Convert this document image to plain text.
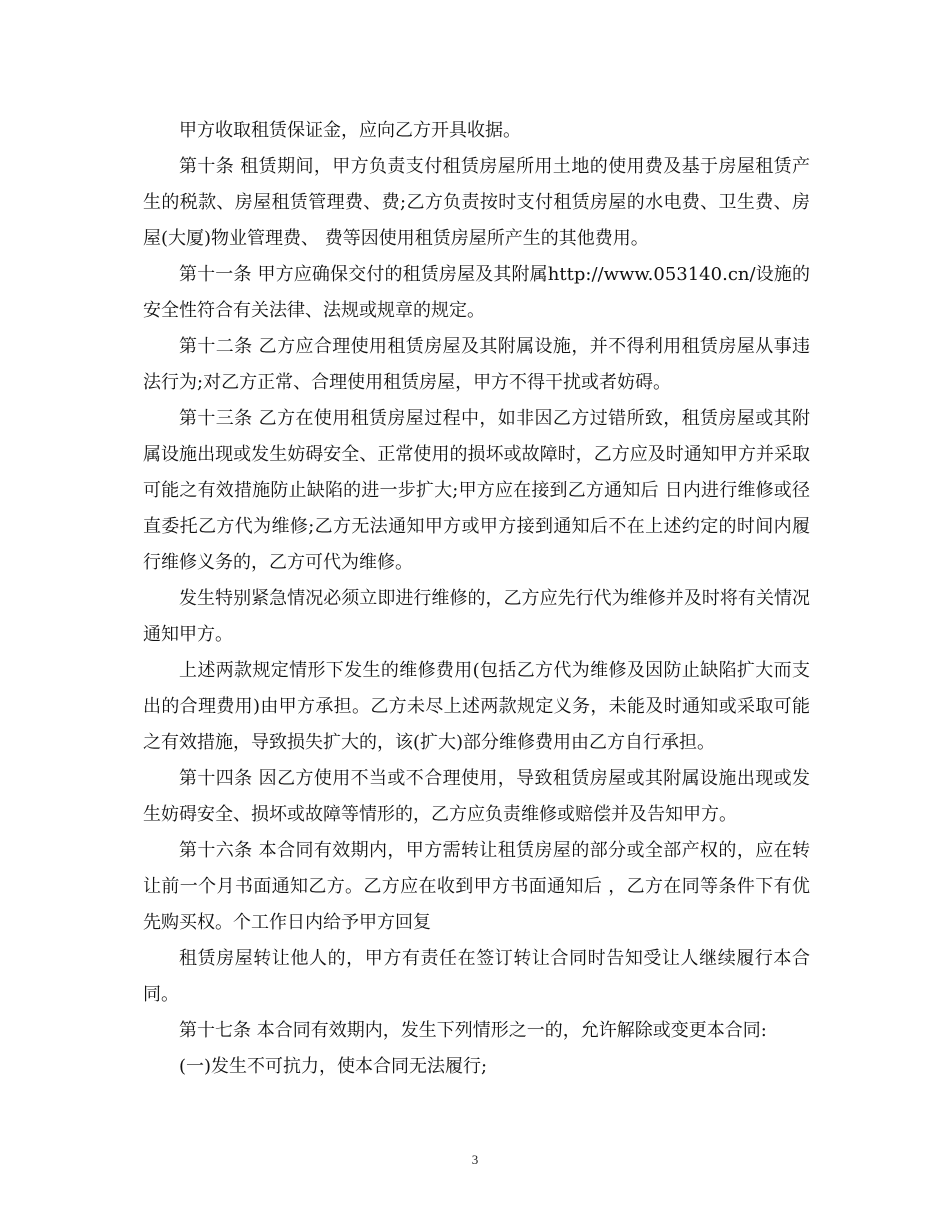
甲方收取租赁保证金，应向乙方开具收据。

第十条 租赁期间，甲方负责支付租赁房屋所用土地的使用费及基于房屋租赁产生的税款、房屋租赁管理费、费;乙方负责按时支付租赁房屋的水电费、卫生费、房屋(大厦)物业管理费、 费等因使用租赁房屋所产生的其他费用。

第十一条 甲方应确保交付的租赁房屋及其附属http://www.053140.cn/设施的安全性符合有关法律、法规或规章的规定。

第十二条 乙方应合理使用租赁房屋及其附属设施，并不得利用租赁房屋从事违法行为;对乙方正常、合理使用租赁房屋，甲方不得干扰或者妨碍。

第十三条 乙方在使用租赁房屋过程中，如非因乙方过错所致，租赁房屋或其附属设施出现或发生妨碍安全、正常使用的损坏或故障时，乙方应及时通知甲方并采取可能之有效措施防止缺陷的进一步扩大;甲方应在接到乙方通知后 日内进行维修或径直委托乙方代为维修;乙方无法通知甲方或甲方接到通知后不在上述约定的时间内履行维修义务的，乙方可代为维修。

发生特别紧急情况必须立即进行维修的，乙方应先行代为维修并及时将有关情况通知甲方。

上述两款规定情形下发生的维修费用(包括乙方代为维修及因防止缺陷扩大而支出的合理费用)由甲方承担。乙方未尽上述两款规定义务，未能及时通知或采取可能之有效措施，导致损失扩大的，该(扩大)部分维修费用由乙方自行承担。

第十四条 因乙方使用不当或不合理使用，导致租赁房屋或其附属设施出现或发生妨碍安全、损坏或故障等情形的，乙方应负责维修或赔偿并及告知甲方。

第十六条 本合同有效期内，甲方需转让租赁房屋的部分或全部产权的，应在转让前一个月书面通知乙方。乙方应在收到甲方书面通知后 ，乙方在同等条件下有优先购买权。个工作日内给予甲方回复

租赁房屋转让他人的，甲方有责任在签订转让合同时告知受让人继续履行本合同。

第十七条 本合同有效期内，发生下列情形之一的，允许解除或变更本合同:

(一)发生不可抗力，使本合同无法履行;

3
